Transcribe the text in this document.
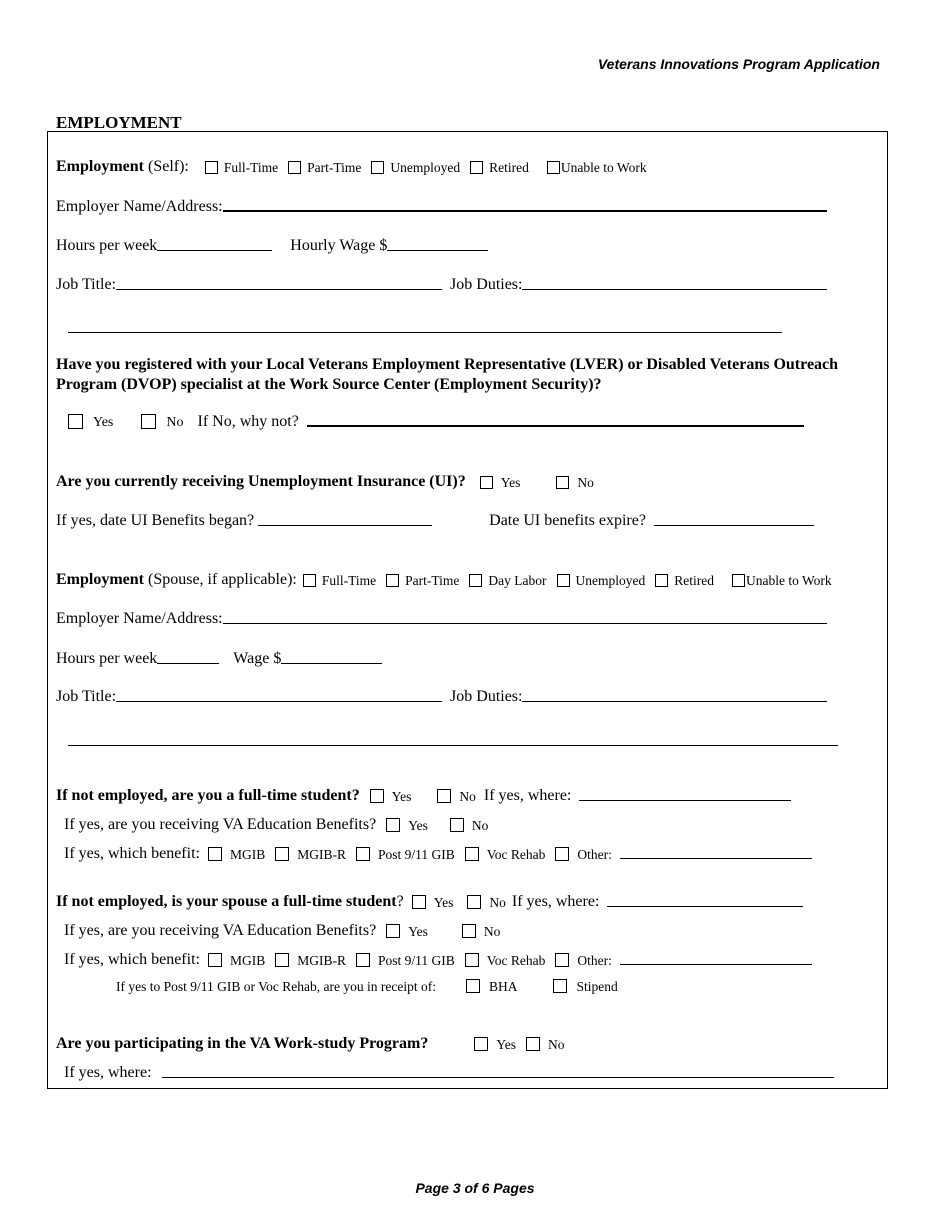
Veterans Innovations Program Application
EMPLOYMENT
Employment (Self):	Full-Time Part-Time Unemployed Retired Unable to Work
Employer Name/Address:
Hours per week	Hourly Wage $
Job Title:	Job Duties:
Have you registered with your Local Veterans Employment Representative (LVER) or Disabled Veterans Outreach Program (DVOP) specialist at the Work Source Center (Employment Security)?
Yes	No If No, why not?
Are you currently receiving Unemployment Insurance (UI)?	Yes	No
If yes, date UI Benefits began?	Date UI benefits expire?
Employment (Spouse, if applicable): Full-Time Part-Time Day Labor Unemployed Retired Unable to Work
Employer Name/Address:
Hours per week	Wage $
Job Title:	Job Duties:
If not employed, are you a full-time student? Yes	No If yes, where:
If yes, are you receiving VA Education Benefits? Yes	No
If yes, which benefit: MGIB MGIB-R Post 9/11 GIB Voc Rehab Other:
If not employed, is your spouse a full-time student ? Yes	No If yes, where:
If yes, are you receiving VA Education Benefits? Yes	No
If yes, which benefit: MGIB MGIB-R Post 9/11 GIB Voc Rehab Other:
If yes to Post 9/11 GIB or Voc Rehab, are you in receipt of:	BHA	Stipend
Are you participating in the VA Work-study Program?	Yes No
If yes, where:
Page 3 of 6 Pages
